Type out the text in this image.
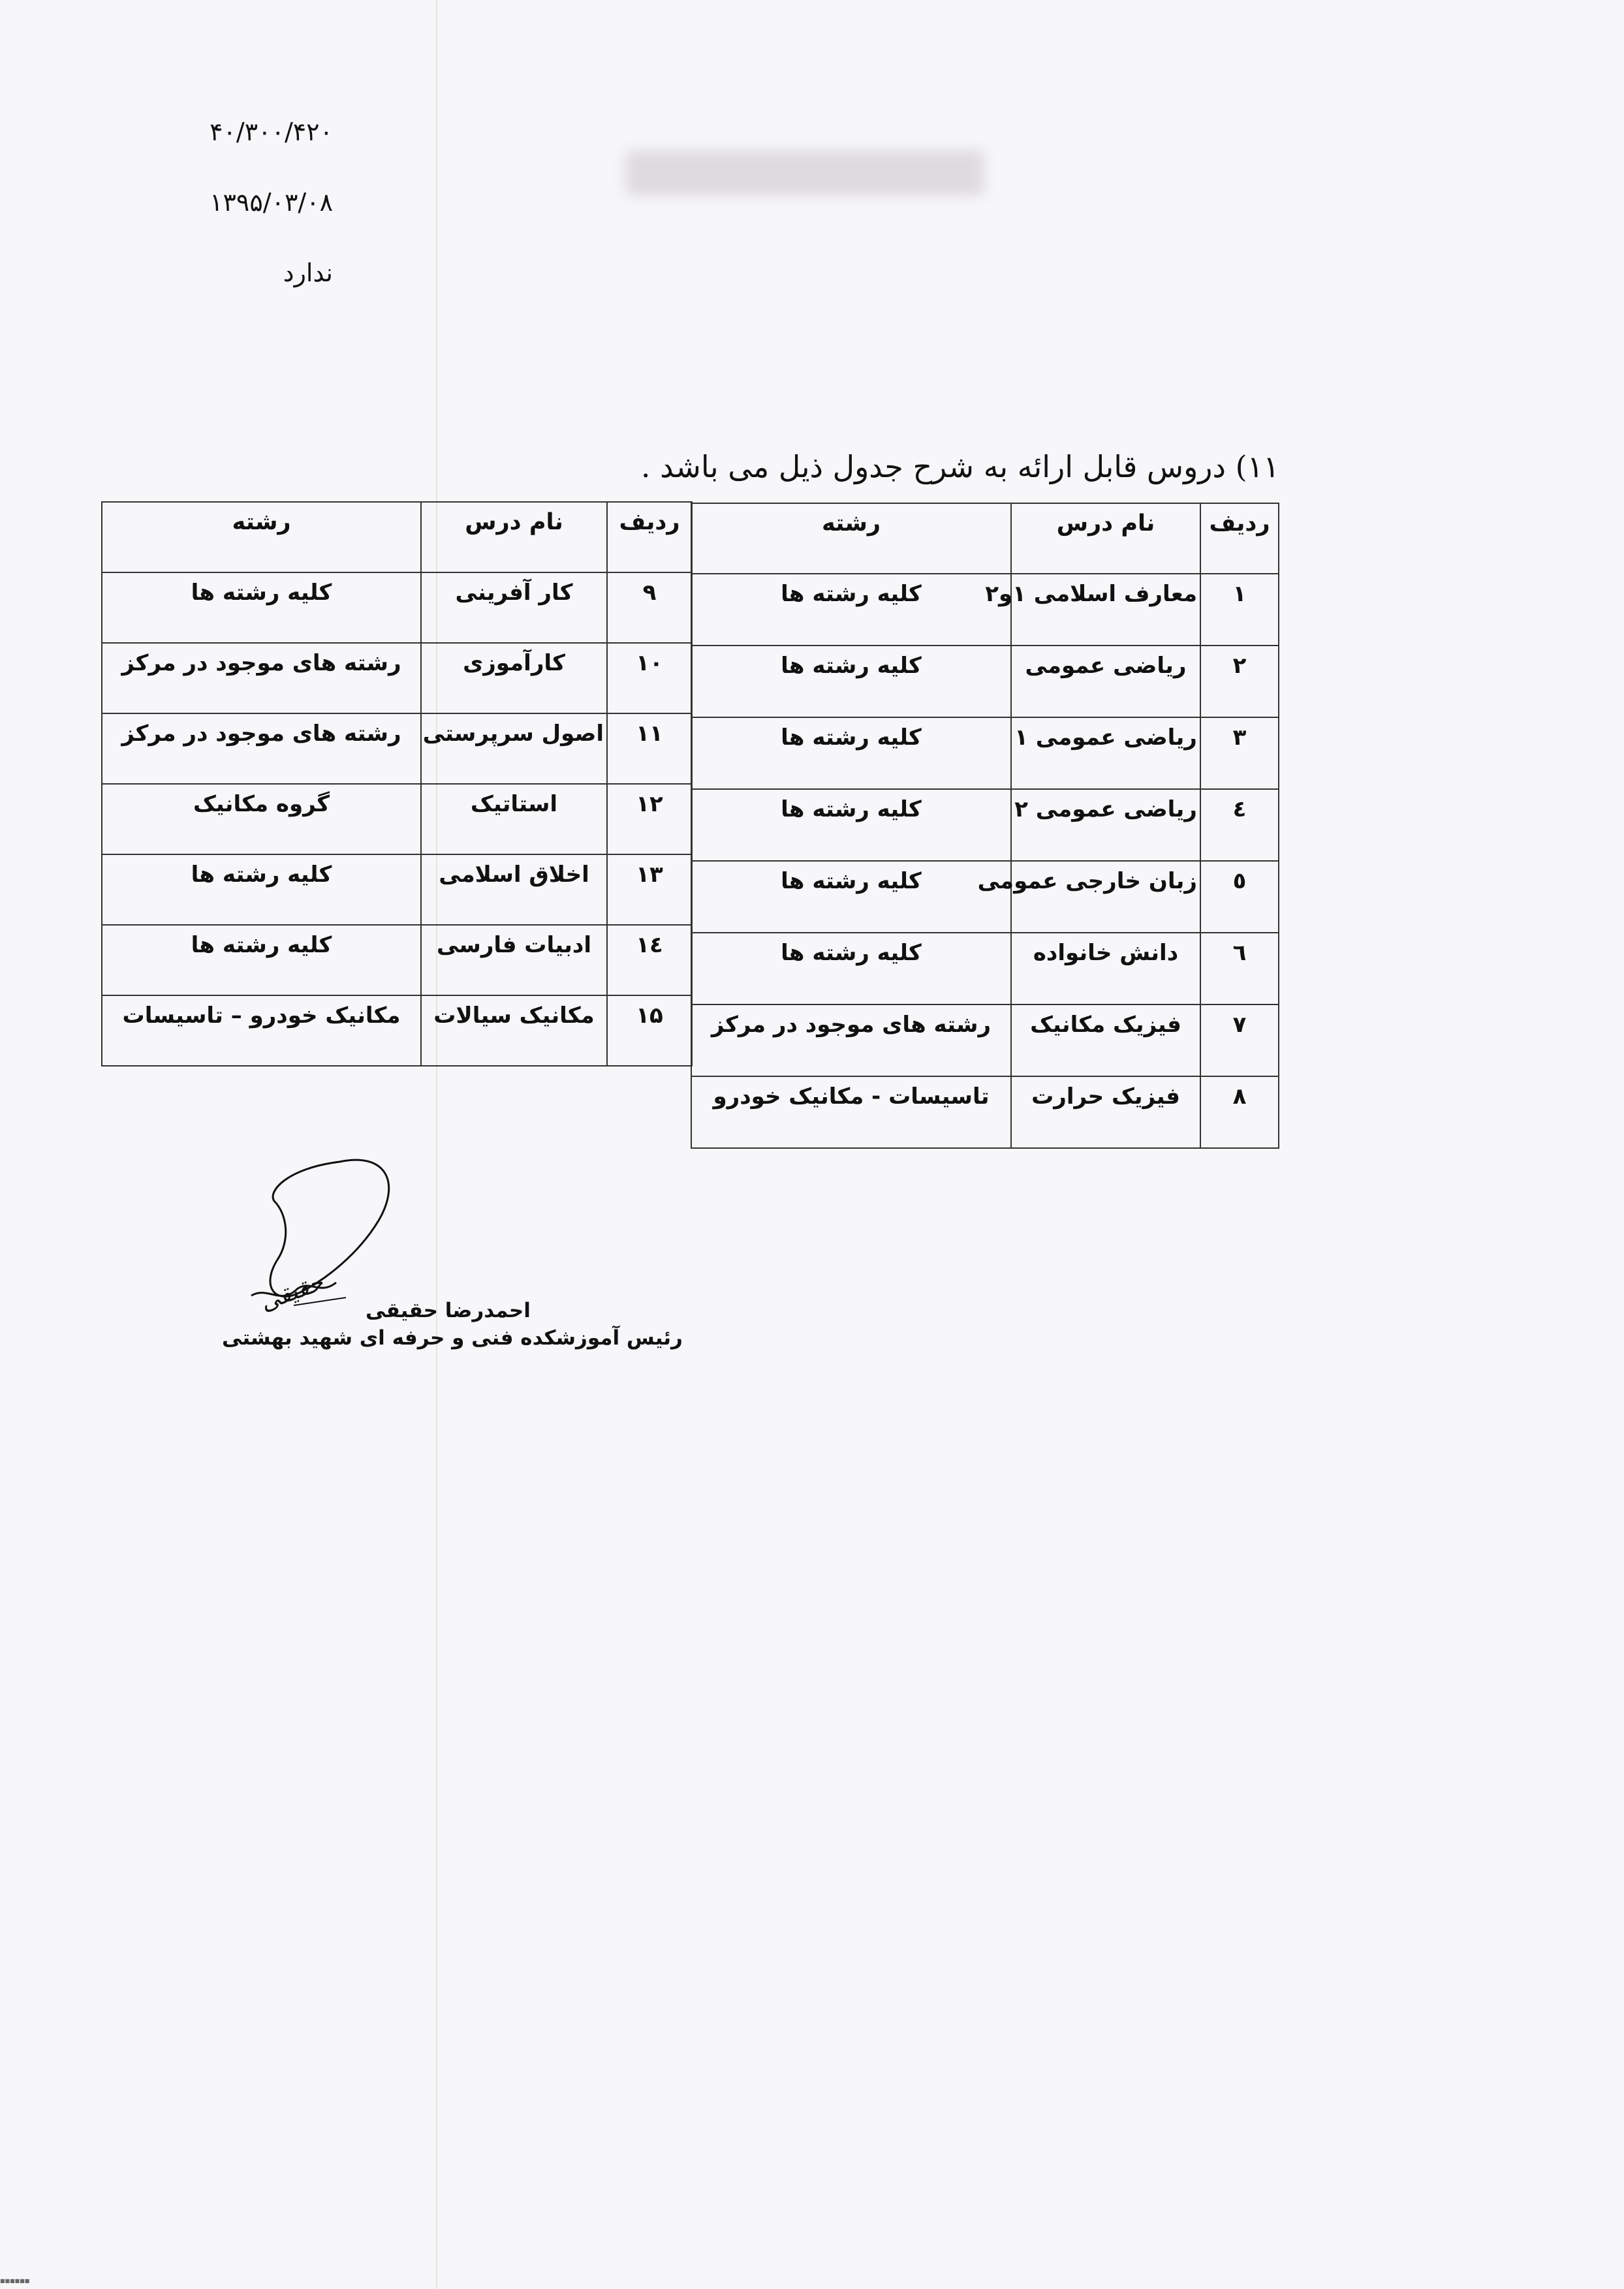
۴۰/۳۰۰/۴۲۰
۱۳۹۵/۰۳/۰۸
ندارد
۱۱) دروس قابل ارائه به شرح جدول ذیل می باشد .
ردیف	نام درس	رشته
۱	معارف اسلامی ۱و۲	کلیه رشته ها
۲	ریاضی عمومی	کلیه رشته ها
۳	ریاضی عمومی ۱	کلیه رشته ها
٤	ریاضی عمومی ۲	کلیه رشته ها
٥	زبان خارجی عمومی	کلیه رشته ها
٦	دانش خانواده	کلیه رشته ها
۷	فیزیک مکانیک	رشته های موجود در مرکز
۸	فیزیک حرارت	تاسیسات - مکانیک خودرو
ردیف	نام درس	رشته
۹	کار آفرینی	کلیه رشته ها
۱۰	کارآموزی	رشته های موجود در مرکز
۱۱	اصول سرپرستی	رشته های موجود در مرکز
۱۲	استاتیک	گروه مکانیک
۱۳	اخلاق اسلامی	کلیه رشته ها
١٤	ادبیات فارسی	کلیه رشته ها
۱۵	مکانیک سیالات	مکانیک خودرو – تاسیسات
حقیقی احمدرضا حقیقی
رئیس آموزشکده فنی و حرفه ای شهید بهشتی
■■■■■■
